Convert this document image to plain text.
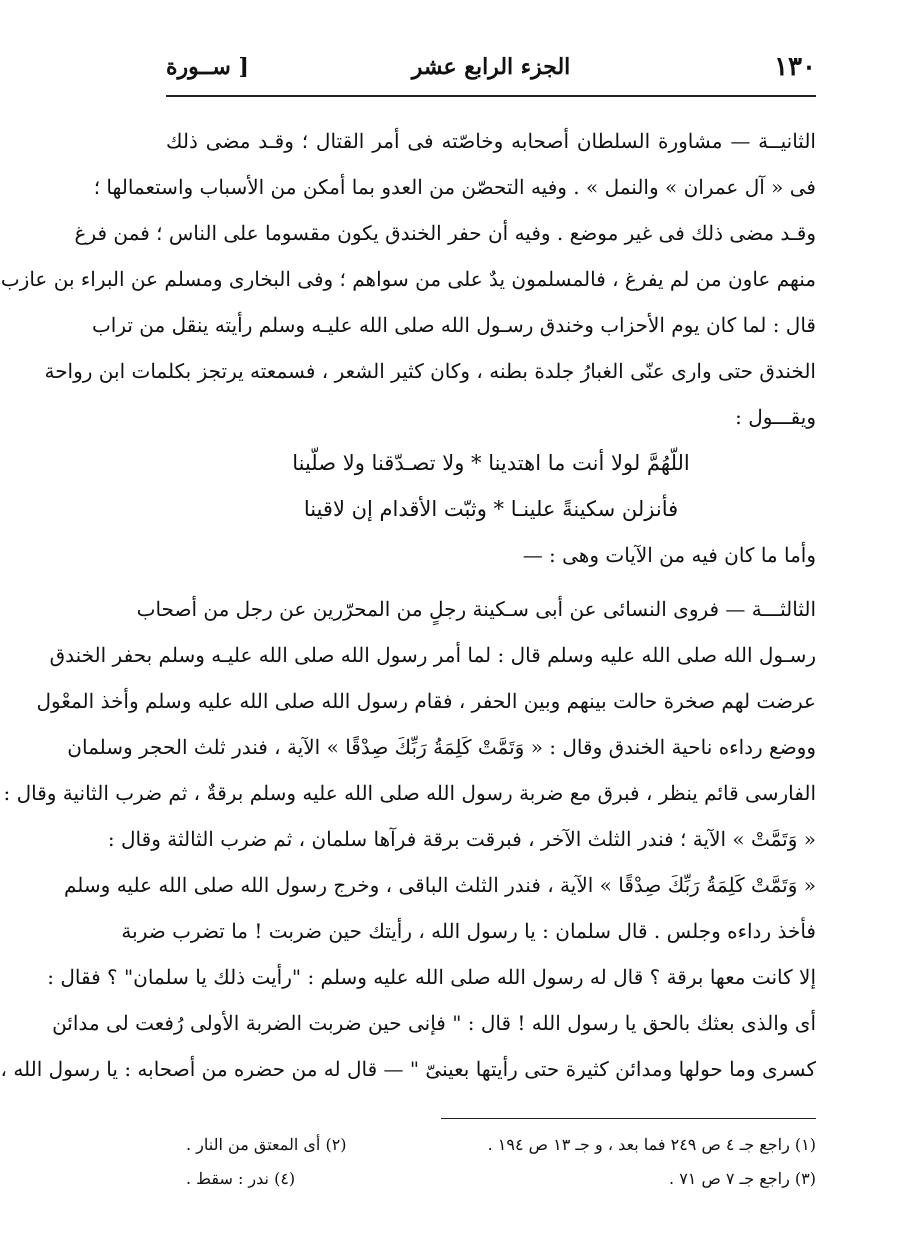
١٣٠
الجزء الرابع عشر
[ ســورة
الثانيــة — مشاورة السلطان أصحابه وخاصّته فى أمر القتال ؛ وقـد مضى ذلك
فى « آل عمران » والنمل » . وفيه التحصّن من العدو بما أمكن من الأسباب واستعمالها ؛
وقـد مضى ذلك فى غير موضع . وفيه أن حفر الخندق يكون مقسوما على الناس ؛ فمن فرغ
منهم عاون من لم يفرغ ، فالمسلمون يدٌ على من سواهم ؛ وفى البخارى ومسلم عن البراء بن عازب
قال : لما كان يوم الأحزاب وخندق رسـول الله صلى الله عليـه وسلم رأيته ينقل من تراب
الخندق حتى وارى عنّى الغبارُ جلدة بطنه ، وكان كثير الشعر ، فسمعته يرتجز بكلمات ابن رواحة
ويقـــول :
اللّهُمَّ لولا أنت ما اهتدينا * ولا تصـدّقنا ولا صلّينا
فأنزلن سكينةً علينـا * وثبّت الأقدام إن لاقينا
وأما ما كان فيه من الآيات وهى : —
الثالثـــة — فروى النسائى عن أبى سـكينة رجلٍ من المحرّرين عن رجل من أصحاب
رسـول الله صلى الله عليه وسلم قال : لما أمر رسول الله صلى الله عليـه وسلم بحفر الخندق
عرضت لهم صخرة حالت بينهم وبين الحفر ، فقام رسول الله صلى الله عليه وسلم وأخذ المعْول
ووضع رداءه ناحية الخندق وقال : « وَتَمَّتْ كَلِمَةُ رَبِّكَ صِدْقًا » الآية ، فندر ثلث الحجر وسلمان
الفارسى قائم ينظر ، فبرق مع ضربة رسول الله صلى الله عليه وسلم برقةٌ ، ثم ضرب الثانية وقال :
« وَتَمَّتْ » الآية ؛ فندر الثلث الآخر ، فبرقت برقة فرآها سلمان ، ثم ضرب الثالثة وقال :
« وَتَمَّتْ كَلِمَةُ رَبِّكَ صِدْقًا » الآية ، فندر الثلث الباقى ، وخرج رسول الله صلى الله عليه وسلم
فأخذ رداءه وجلس . قال سلمان : يا رسول الله ، رأيتك حين ضربت ! ما تضرب ضربة
إلا كانت معها برقة ؟ قال له رسول الله صلى الله عليه وسلم : "رأيت ذلك يا سلمان" ؟ فقال :
أى والذى بعثك بالحق يا رسول الله ! قال : " فإنى حين ضربت الضربة الأولى رُفعت لى مدائن
كسرى وما حولها ومدائن كثيرة حتى رأيتها بعينىّ " — قال له من حضره من أصحابه : يا رسول الله ،
(١) راجع جـ ٤ ص ٢٤٩ فما بعد ، و جـ ١٣ ص ١٩٤ .
(٢) أى المعتق من النار .
(٣) راجع جـ ٧ ص ٧١ .
(٤) ندر : سقط .
